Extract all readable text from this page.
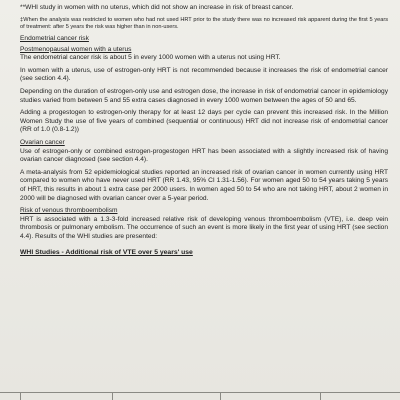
**WHI study in women with no uterus, which did not show an increase in risk of breast cancer.

‡When the analysis was restricted to women who had not used HRT prior to the study there was no increased risk apparent during the first 5 years of treatment: after 5 years the risk was higher than in non-users.

Endometrial cancer risk

Postmenopausal women with a uterus

The endometrial cancer risk is about 5 in every 1000 women with a uterus not using HRT.

In women with a uterus, use of estrogen-only HRT is not recommended because it increases the risk of endometrial cancer (see section 4.4).

Depending on the duration of estrogen-only use and estrogen dose, the increase in risk of endometrial cancer in epidemiology studies varied from between 5 and 55 extra cases diagnosed in every 1000 women between the ages of 50 and 65.

Adding a progestogen to estrogen-only therapy for at least 12 days per cycle can prevent this increased risk. In the Million Women Study the use of five years of combined (sequential or continuous) HRT did not increase risk of endometrial cancer (RR of 1.0 (0.8-1.2))

Ovarian cancer

Use of estrogen-only or combined estrogen-progestogen HRT has been associated with a slightly increased risk of having ovarian cancer diagnosed (see section 4.4).

A meta-analysis from 52 epidemiological studies reported an increased risk of ovarian cancer in women currently using HRT compared to women who have never used HRT (RR 1.43, 95% CI 1.31-1.56). For women aged 50 to 54 years taking 5 years of HRT, this results in about 1 extra case per 2000 users. In women aged 50 to 54 who are not taking HRT, about 2 women in 2000 will be diagnosed with ovarian cancer over a 5-year period.

Risk of venous thromboembolism

HRT is associated with a 1.3-3-fold increased relative risk of developing venous thromboembolism (VTE), i.e. deep vein thrombosis or pulmonary embolism. The occurrence of such an event is more likely in the first year of using HRT (see section 4.4). Results of the WHI studies are presented:

WHI Studies - Additional risk of VTE over 5 years' use
